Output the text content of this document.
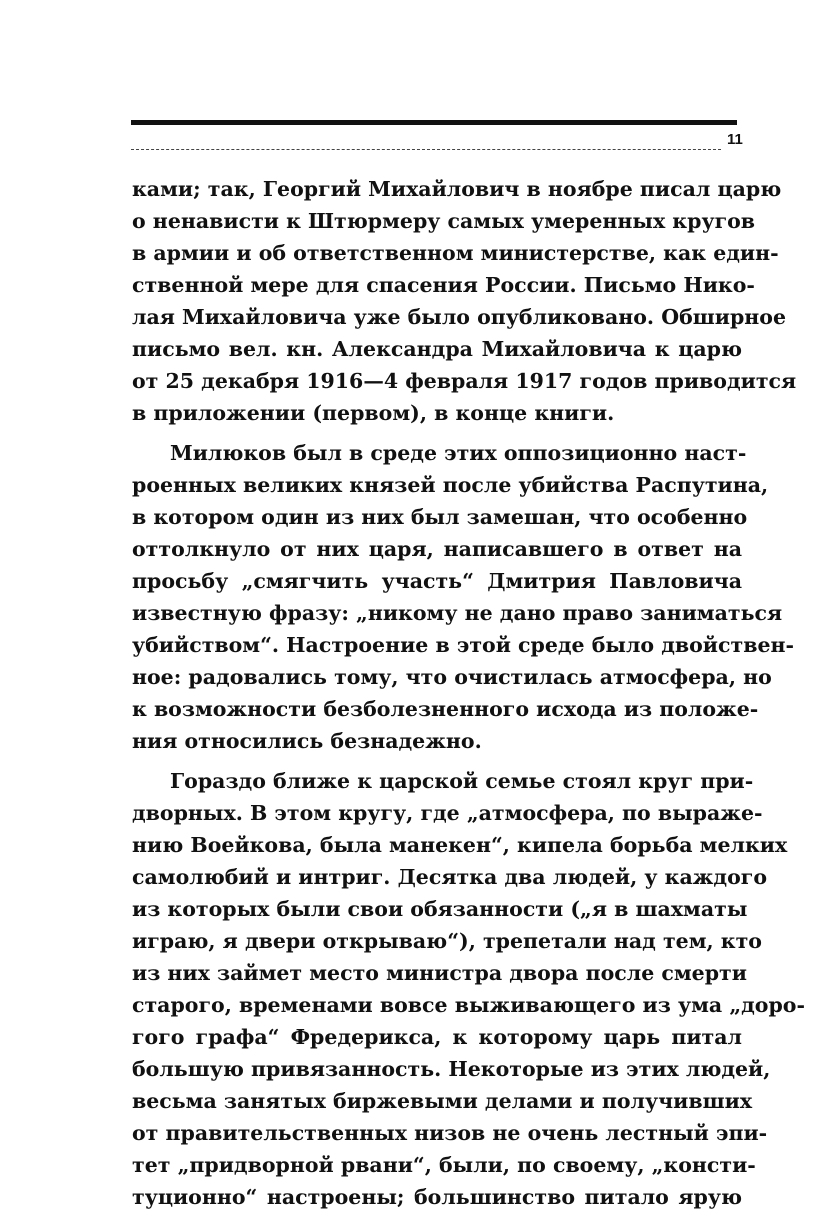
11
ками; так, Георгий Михайлович в ноябре писал царю
о ненависти к Штюрмеру самых умеренных кругов
в армии и об ответственном министерстве, как един-
ственной мере для спасения России. Письмо Нико-
лая Михайловича уже было опубликовано. Обширное
письмо вел. кн. Александра Михайловича к царю
от 25 декабря 1916—4 февраля 1917 годов приводится
в приложении (первом), в конце книги.
Милюков был в среде этих оппозиционно наст-
роенных великих князей после убийства Распутина,
в котором один из них был замешан, что особенно
оттолкнуло от них царя, написавшего в ответ на
просьбу „смягчить участь“ Дмитрия Павловича
известную фразу: „никому не дано право заниматься
убийством“. Настроение в этой среде было двойствен-
ное: радовались тому, что очистилась атмосфера, но
к возможности безболезненного исхода из положе-
ния относились безнадежно.
Гораздо ближе к царской семье стоял круг при-
дворных. В этом кругу, где „атмосфера, по выраже-
нию Воейкова, была манекен“, кипела борьба мелких
самолюбий и интриг. Десятка два людей, у каждого
из которых были свои обязанности („я в шахматы
играю, я двери открываю“), трепетали над тем, кто
из них займет место министра двора после смерти
старого, временами вовсе выживающего из ума „доро-
гого графа“ Фредерикса, к которому царь питал
большую привязанность. Некоторые из этих людей,
весьма занятых биржевыми делами и получивших
от правительственных низов не очень лестный эпи-
тет „придворной рвани“, были, по своему, „консти-
туционно“ настроены; большинство питало ярую
